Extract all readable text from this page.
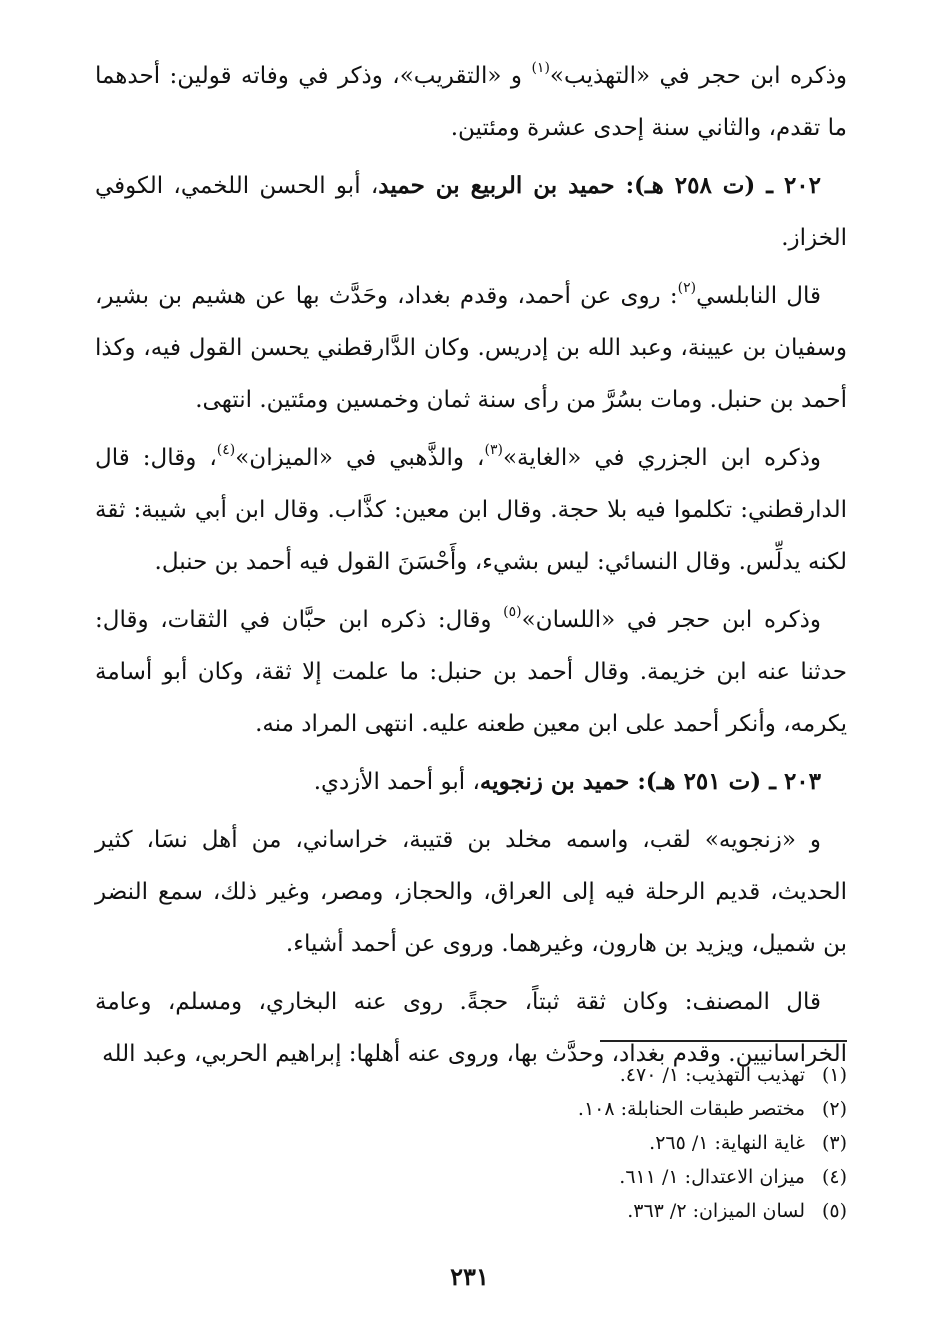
وذكره ابن حجر في «التهذيب»$^{(١)}$ و «التقريب»، وذكر في وفاته قولين: أحدهما ما تقدم، والثاني سنة إحدى عشرة ومئتين.

٢٠٢ ـ (ت ٢٥٨ هـ): حميد بن الربيع بن حميد، أبو الحسن اللخمي، الكوفي الخزاز.

قال النابلسي$^{(٢)}$: روى عن أحمد، وقدم بغداد، وحَدَّث بها عن هشيم بن بشير، وسفيان بن عيينة، وعبد الله بن إدريس. وكان الدَّارقطني يحسن القول فيه، وكذا أحمد بن حنبل. ومات بسُرَّ من رأى سنة ثمان وخمسين ومئتين. انتهى.

وذكره ابن الجزري في «الغاية»$^{(٣)}$، والذَّهبي في «الميزان»$^{(٤)}$، وقال: قال الدارقطني: تكلموا فيه بلا حجة. وقال ابن معين: كذَّاب. وقال ابن أبي شيبة: ثقة لكنه يدلِّس. وقال النسائي: ليس بشيء، وأَحْسَنَ القول فيه أحمد بن حنبل.

وذكره ابن حجر في «اللسان»$^{(٥)}$ وقال: ذكره ابن حبَّان في الثقات، وقال: حدثنا عنه ابن خزيمة. وقال أحمد بن حنبل: ما علمت إلا ثقة، وكان أبو أسامة يكرمه، وأنكر أحمد على ابن معين طعنه عليه. انتهى المراد منه.

٢٠٣ ـ (ت ٢٥١ هـ): حميد بن زنجويه، أبو أحمد الأزدي.

و «زنجويه» لقب، واسمه مخلد بن قتيبة، خراساني، من أهل نسَا، كثير الحديث، قديم الرحلة فيه إلى العراق، والحجاز، ومصر، وغير ذلك، سمع النضر بن شميل، ويزيد بن هارون، وغيرهما. وروى عن أحمد أشياء.

قال المصنف: وكان ثقة ثبتاً، حجةً. روى عنه البخاري، ومسلم، وعامة الخراسانيين. وقدم بغداد، وحدَّث بها، وروى عنه أهلها: إبراهيم الحربي، وعبد الله

(١)
تهذيب التهذيب: ١/ ٤٧٠.
(٢)
مختصر طبقات الحنابلة: ١٠٨.
(٣)
غاية النهاية: ١/ ٢٦٥.
(٤)
ميزان الاعتدال: ١/ ٦١١.
(٥)
لسان الميزان: ٢/ ٣٦٣.
٢٣١
